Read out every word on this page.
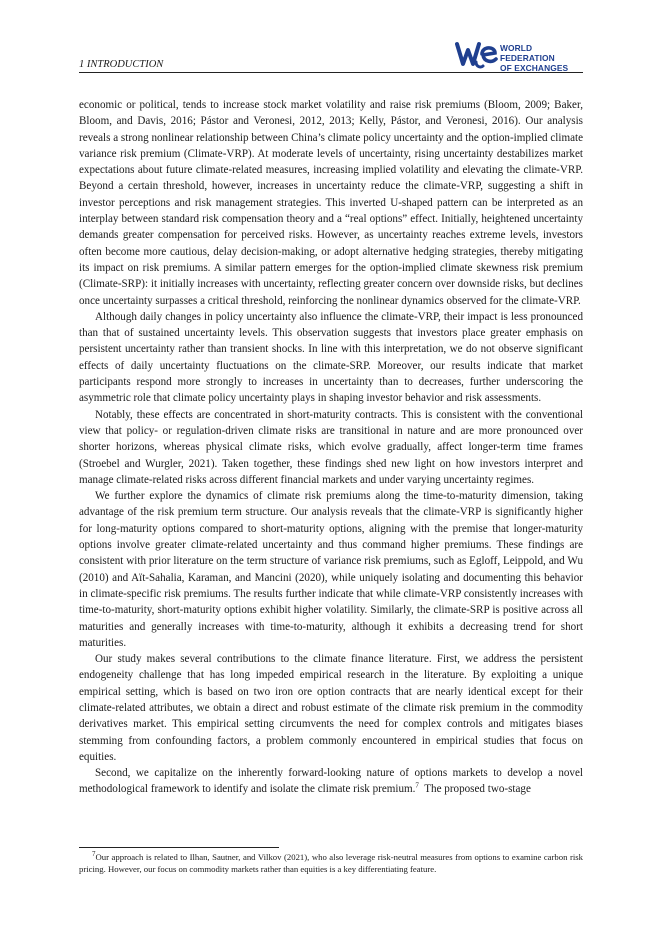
1 INTRODUCTION
WORLD FEDERATION
OF EXCHANGES

economic or political, tends to increase stock market volatility and raise risk premiums (Bloom, 2009; Baker, Bloom, and Davis, 2016; Pástor and Veronesi, 2012, 2013; Kelly, Pástor, and Veronesi, 2016). Our analysis reveals a strong nonlinear relationship between China’s climate policy uncertainty and the option-implied climate variance risk premium (Climate-VRP). At moderate levels of uncertainty, rising uncertainty destabilizes market expectations about future climate-related measures, increasing implied volatility and elevating the climate-VRP. Beyond a certain threshold, however, increases in uncertainty reduce the climate-VRP, suggesting a shift in investor perceptions and risk management strategies. This inverted U-shaped pattern can be interpreted as an interplay between standard risk compensation theory and a “real options” effect. Initially, heightened uncertainty demands greater compensation for perceived risks. However, as uncertainty reaches extreme levels, investors often become more cautious, delay decision-making, or adopt alternative hedging strategies, thereby mitigating its impact on risk premiums. A similar pattern emerges for the option-implied climate skewness risk premium (Climate-SRP): it initially increases with uncertainty, reflecting greater concern over downside risks, but declines once uncertainty surpasses a critical threshold, reinforcing the nonlinear dynamics observed for the climate-VRP.

Although daily changes in policy uncertainty also influence the climate-VRP, their impact is less pronounced than that of sustained uncertainty levels. This observation suggests that investors place greater emphasis on persistent uncertainty rather than transient shocks. In line with this interpretation, we do not observe significant effects of daily uncertainty fluctuations on the climate-SRP. Moreover, our results indicate that market participants respond more strongly to increases in uncertainty than to decreases, further underscoring the asymmetric role that climate policy uncertainty plays in shaping investor behavior and risk assessments.

Notably, these effects are concentrated in short-maturity contracts. This is consistent with the conventional view that policy- or regulation-driven climate risks are transitional in nature and are more pronounced over shorter horizons, whereas physical climate risks, which evolve gradually, affect longer-term time frames (Stroebel and Wurgler, 2021). Taken together, these findings shed new light on how investors interpret and manage climate-related risks across different financial markets and under varying uncertainty regimes.

We further explore the dynamics of climate risk premiums along the time-to-maturity dimension, taking advantage of the risk premium term structure. Our analysis reveals that the climate-VRP is significantly higher for long-maturity options compared to short-maturity options, aligning with the premise that longer-maturity options involve greater climate-related uncertainty and thus command higher premiums. These findings are consistent with prior literature on the term structure of variance risk premiums, such as Egloff, Leippold, and Wu (2010) and Aït-Sahalia, Karaman, and Mancini (2020), while uniquely isolating and documenting this behavior in climate-specific risk premiums. The results further indicate that while climate-VRP consistently increases with time-to-maturity, short-maturity options exhibit higher volatility. Similarly, the climate-SRP is positive across all maturities and generally increases with time-to-maturity, although it exhibits a decreasing trend for short maturities.

Our study makes several contributions to the climate finance literature. First, we address the persistent endogeneity challenge that has long impeded empirical research in the literature. By exploiting a unique empirical setting, which is based on two iron ore option contracts that are nearly identical except for their climate-related attributes, we obtain a direct and robust estimate of the climate risk premium in the commodity derivatives market. This empirical setting circumvents the need for complex controls and mitigates biases stemming from confounding factors, a problem commonly encountered in empirical studies that focus on equities.

Second, we capitalize on the inherently forward-looking nature of options markets to develop a novel methodological framework to identify and isolate the climate risk premium.$^7$ The proposed two-stage

$^7$Our approach is related to Ilhan, Sautner, and Vilkov (2021), who also leverage risk-neutral measures from options to examine carbon risk pricing. However, our focus on commodity markets rather than equities is a key differentiating feature.
